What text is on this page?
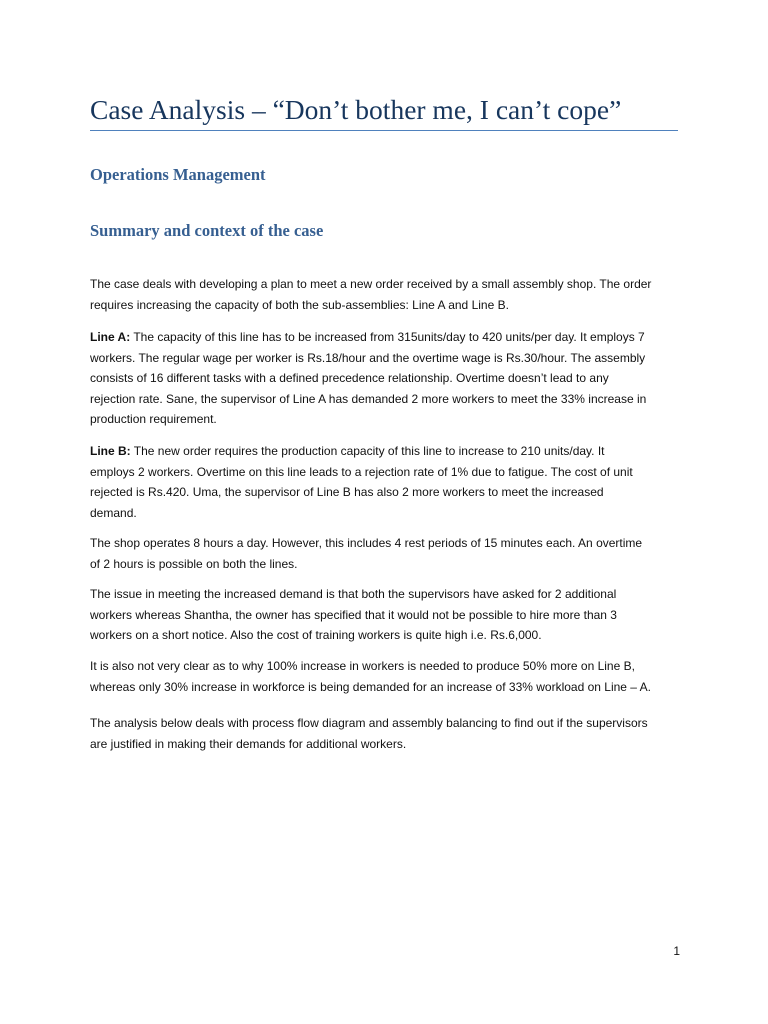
Case Analysis – “Don’t bother me, I can’t cope”
Operations Management
Summary and context of the case
The case deals with developing a plan to meet a new order received by a small assembly shop. The order
requires increasing the capacity of both the sub-assemblies: Line A and Line B.
Line A: The capacity of this line has to be increased from 315units/day to 420 units/per day. It employs 7
workers. The regular wage per worker is Rs.18/hour and the overtime wage is Rs.30/hour. The assembly
consists of 16 different tasks with a defined precedence relationship. Overtime doesn’t lead to any
rejection rate. Sane, the supervisor of Line A has demanded 2 more workers to meet the 33% increase in
production requirement.
Line B: The new order requires the production capacity of this line to increase to 210 units/day. It
employs 2 workers. Overtime on this line leads to a rejection rate of 1% due to fatigue. The cost of unit
rejected is Rs.420. Uma, the supervisor of Line B has also 2 more workers to meet the increased
demand.
The shop operates 8 hours a day. However, this includes 4 rest periods of 15 minutes each. An overtime
of 2 hours is possible on both the lines.
The issue in meeting the increased demand is that both the supervisors have asked for 2 additional
workers whereas Shantha, the owner has specified that it would not be possible to hire more than 3
workers on a short notice. Also the cost of training workers is quite high i.e. Rs.6,000.
It is also not very clear as to why 100% increase in workers is needed to produce 50% more on Line B,
whereas only 30% increase in workforce is being demanded for an increase of 33% workload on Line – A.
The analysis below deals with process flow diagram and assembly balancing to find out if the supervisors
are justified in making their demands for additional workers.
1
